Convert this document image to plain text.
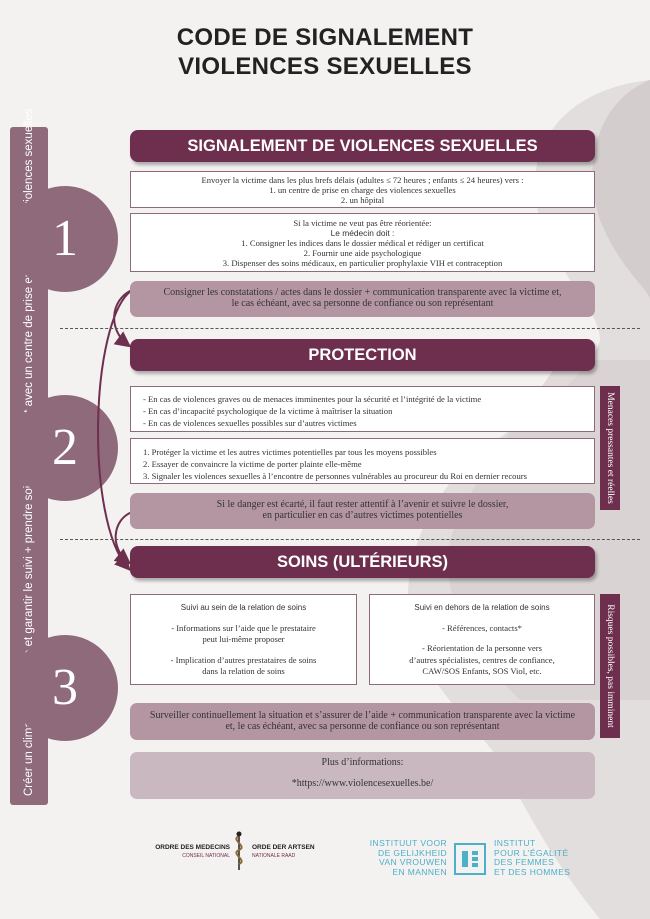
CODE DE SIGNALEMENT
VIOLENCES SEXUELLES
1
2
3
SIGNALEMENT DE VIOLENCES SEXUELLES
Envoyer la victime dans les plus brefs délais (adultes ≤ 72 heures ; enfants ≤ 24 heures) vers :
1. un centre de prise en charge des violences sexuelles
2. un hôpital
Si la victime ne veut pas être réorientée:
Le médecin doit :
1. Consigner les indices dans le dossier médical et rédiger un certificat
2. Fournir une aide psychologique
3. Dispenser des soins médicaux, en particulier prophylaxie VIH et contraception
Consigner les constatations / actes dans le dossier + communication transparente avec la victime et,
le cas échéant, avec sa personne de confiance ou son représentant
PROTECTION
- En cas de violences graves ou de menaces imminentes pour la sécurité et l’intégrité de la victime
- En cas d’incapacité psychologique de la victime à maîtriser la situation
- En cas de violences sexuelles possibles sur d’autres victimes
1. Protéger la victime et les autres victimes potentielles par tous les moyens possibles
2. Essayer de convaincre la victime de porter plainte elle-même
3. Signaler les violences sexuelles à l’encontre de personnes vulnérables au procureur du Roi en dernier recours	Menaces pressantes et réelles
Si le danger est écarté, il faut rester attentif à l’avenir et suivre le dossier,
en particulier en cas d’autres victimes potentielles
SOINS (ULTÉRIEURS)
Suivi au sein de la relation de soins
- Informations sur l’aide que le prestataire
peut lui-même proposer
- Implication d’autres prestataires de soins
dans la relation de soins
Suivi en dehors de la relation de soins
- Références, contacts*
- Réorientation de la personne vers
d’autres spécialistes, centres de confiance,
CAW/SOS Enfants, SOS Viol, etc.	Risques possibles, pas imminent
Surveiller continuellement la situation et s’assurer de l’aide + communication transparente avec la victime
et, le cas échéant, avec sa personne de confiance ou son représentant
Plus d’informations:
*https://www.violencesexuelles.be/
ORDRE DES MEDECINS
CONSEIL NATIONAL
ORDE DER ARTSEN
NATIONALE RAAD
INSTITUUT VOOR
DE GELIJKHEID
VAN VROUWEN
EN MANNEN
INSTITUT
POUR L’ÉGALITÉ
DES FEMMES
ET DES HOMMES
